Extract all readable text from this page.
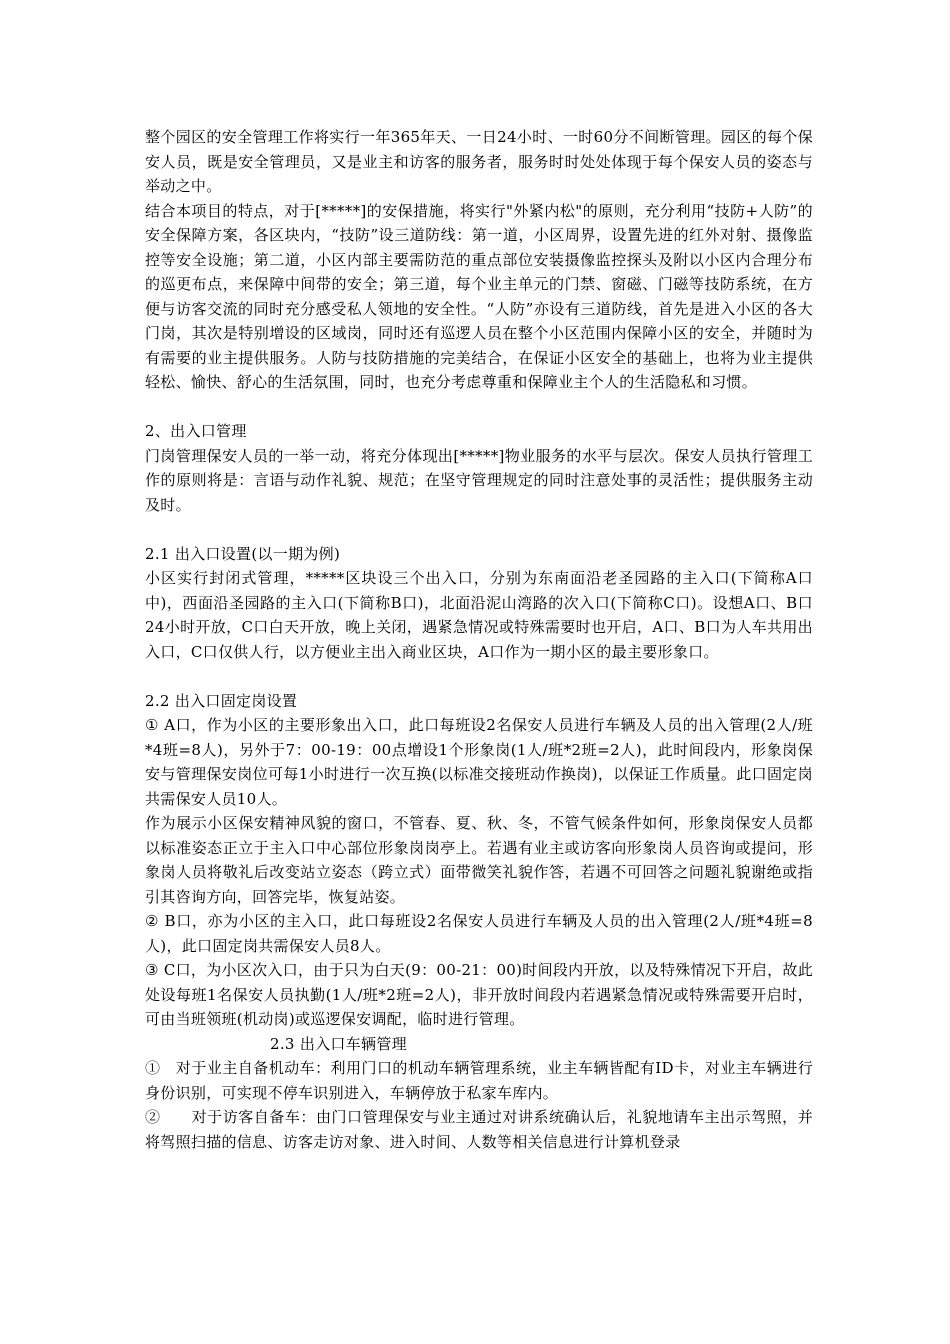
整个园区的安全管理工作将实行一年365年天、一日24小时、一时60分不间断管理。园区的每个保安人员，既是安全管理员，又是业主和访客的服务者，服务时时处处体现于每个保安人员的姿态与举动之中。

结合本项目的特点，对于[*****]的安保措施，将实行"外紧内松"的原则，充分利用“技防+人防”的安全保障方案，各区块内，“技防”设三道防线：第一道，小区周界，设置先进的红外对射、摄像监控等安全设施；第二道，小区内部主要需防范的重点部位安装摄像监控探头及附以小区内合理分布的巡更布点，来保障中间带的安全；第三道，每个业主单元的门禁、窗磁、门磁等技防系统，在方便与访客交流的同时充分感受私人领地的安全性。“人防”亦设有三道防线，首先是进入小区的各大门岗，其次是特别增设的区域岗，同时还有巡逻人员在整个小区范围内保障小区的安全，并随时为有需要的业主提供服务。人防与技防措施的完美结合，在保证小区安全的基础上，也将为业主提供轻松、愉快、舒心的生活氛围，同时，也充分考虑尊重和保障业主个人的生活隐私和习惯。

2、出入口管理

门岗管理保安人员的一举一动，将充分体现出[*****]物业服务的水平与层次。保安人员执行管理工作的原则将是：言语与动作礼貌、规范；在坚守管理规定的同时注意处事的灵活性；提供服务主动及时。

2.1 出入口设置(以一期为例)

小区实行封闭式管理，*****区块设三个出入口，分别为东南面沿老圣园路的主入口(下简称A口中)，西面沿圣园路的主入口(下简称B口)，北面沿泥山湾路的次入口(下简称C口)。设想A口、B口24小时开放，C口白天开放，晚上关闭，遇紧急情况或特殊需要时也开启，A口、B口为人车共用出入口，C口仅供人行，以方便业主出入商业区块，A口作为一期小区的最主要形象口。

2.2 出入口固定岗设置

① A口，作为小区的主要形象出入口，此口每班设2名保安人员进行车辆及人员的出入管理(2人/班*4班=8人)，另外于7：00-19：00点增设1个形象岗(1人/班*2班=2人)，此时间段内，形象岗保安与管理保安岗位可每1小时进行一次互换(以标准交接班动作换岗)，以保证工作质量。此口固定岗共需保安人员10人。

作为展示小区保安精神风貌的窗口，不管春、夏、秋、冬，不管气候条件如何，形象岗保安人员都以标准姿态正立于主入口中心部位形象岗岗亭上。若遇有业主或访客向形象岗人员咨询或提问，形象岗人员将敬礼后改变站立姿态（跨立式）面带微笑礼貌作答，若遇不可回答之问题礼貌谢绝或指引其咨询方向，回答完毕，恢复站姿。

② B口，亦为小区的主入口，此口每班设2名保安人员进行车辆及人员的出入管理(2人/班*4班=8人)，此口固定岗共需保安人员8人。

③ C口，为小区次入口，由于只为白天(9：00-21：00)时间段内开放，以及特殊情况下开启，故此处设每班1名保安人员执勤(1人/班*2班=2人)，非开放时间段内若遇紧急情况或特殊需要开启时，可由当班领班(机动岗)或巡逻保安调配，临时进行管理。

2.3 出入口车辆管理

①　对于业主自备机动车：利用门口的机动车辆管理系统，业主车辆皆配有ID卡，对业主车辆进行身份识别，可实现不停车识别进入，车辆停放于私家车库内。

②　　对于访客自备车：由门口管理保安与业主通过对讲系统确认后，礼貌地请车主出示驾照，并将驾照扫描的信息、访客走访对象、进入时间、人数等相关信息进行计算机登录
